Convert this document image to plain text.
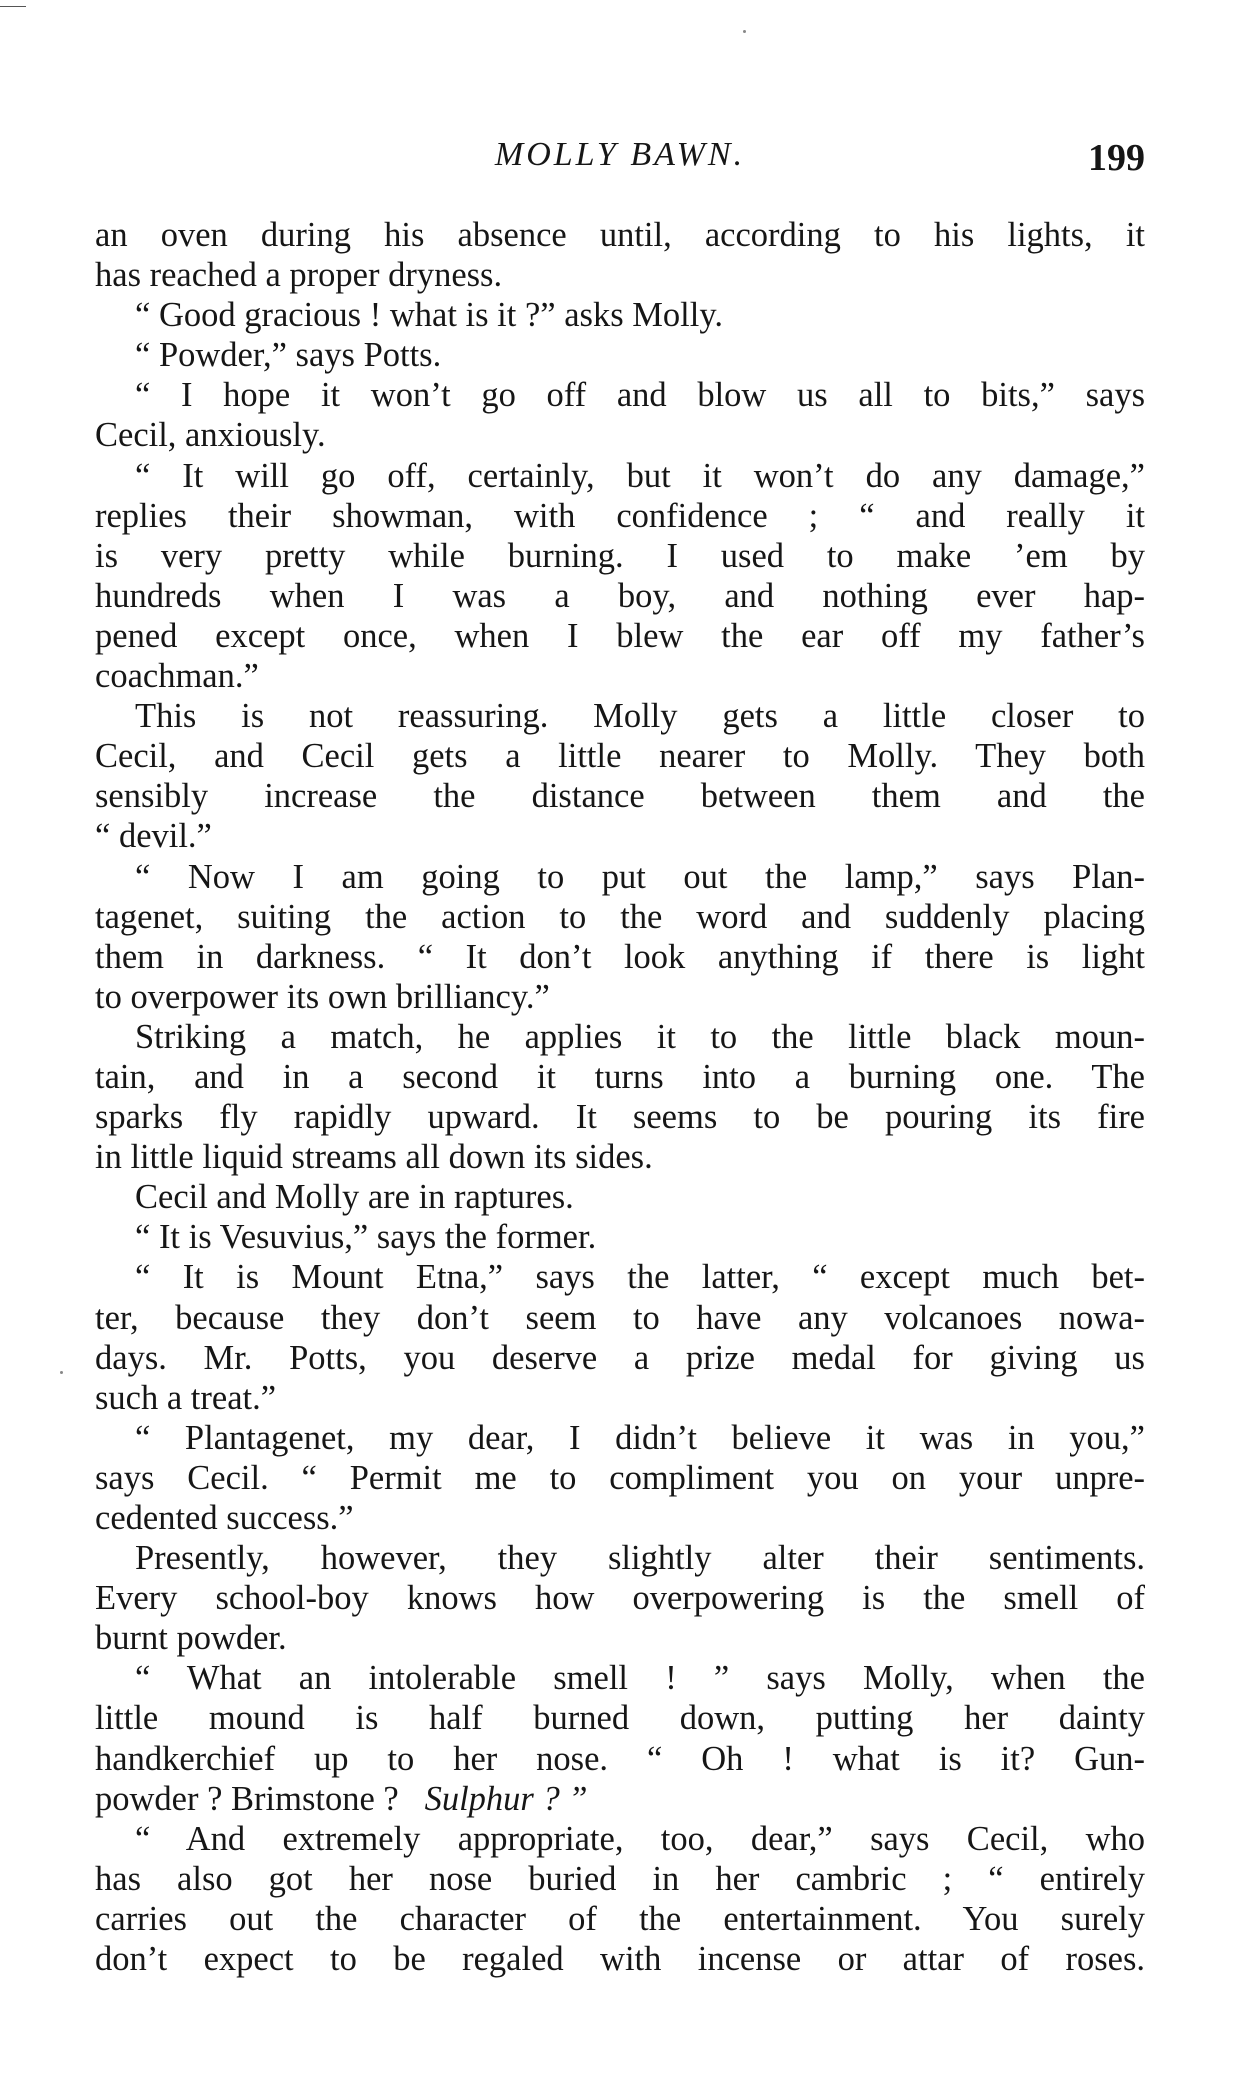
MOLLY BAWN.	199
an oven during his absence until, according to his lights, it
has reached a proper dryness.
“ Good gracious ! what is it ?” asks Molly.
“ Powder,” says Potts.
“ I hope it won’t go off and blow us all to bits,” says
Cecil, anxiously.
“ It will go off, certainly, but it won’t do any damage,”
replies their showman, with confidence ; “ and really it
is very pretty while burning. I used to make ’em by
hundreds when I was a boy, and nothing ever hap-
pened except once, when I blew the ear off my father’s
coachman.”
This is not reassuring. Molly gets a little closer to
Cecil, and Cecil gets a little nearer to Molly. They both
sensibly increase the distance between them and the
“ devil.”
“ Now I am going to put out the lamp,” says Plan-
tagenet, suiting the action to the word and suddenly placing
them in darkness. “ It don’t look anything if there is light
to overpower its own brilliancy.”
Striking a match, he applies it to the little black moun-
tain, and in a second it turns into a burning one. The
sparks fly rapidly upward. It seems to be pouring its fire
in little liquid streams all down its sides.
Cecil and Molly are in raptures.
“ It is Vesuvius,” says the former.
“ It is Mount Etna,” says the latter, “ except much bet-
ter, because they don’t seem to have any volcanoes nowa-
days. Mr. Potts, you deserve a prize medal for giving us
such a treat.”
“ Plantagenet, my dear, I didn’t believe it was in you,”
says Cecil. “ Permit me to compliment you on your unpre-
cedented success.”
Presently, however, they slightly alter their sentiments.
Every school-boy knows how overpowering is the smell of
burnt powder.
“ What an intolerable smell ! ” says Molly, when the
little mound is half burned down, putting her dainty
handkerchief up to her nose. “ Oh ! what is it? Gun-
powder ? Brimstone ? Sulphur ? ”
“ And extremely appropriate, too, dear,” says Cecil, who
has also got her nose buried in her cambric ; “ entirely
carries out the character of the entertainment. You surely
don’t expect to be regaled with incense or attar of roses.
